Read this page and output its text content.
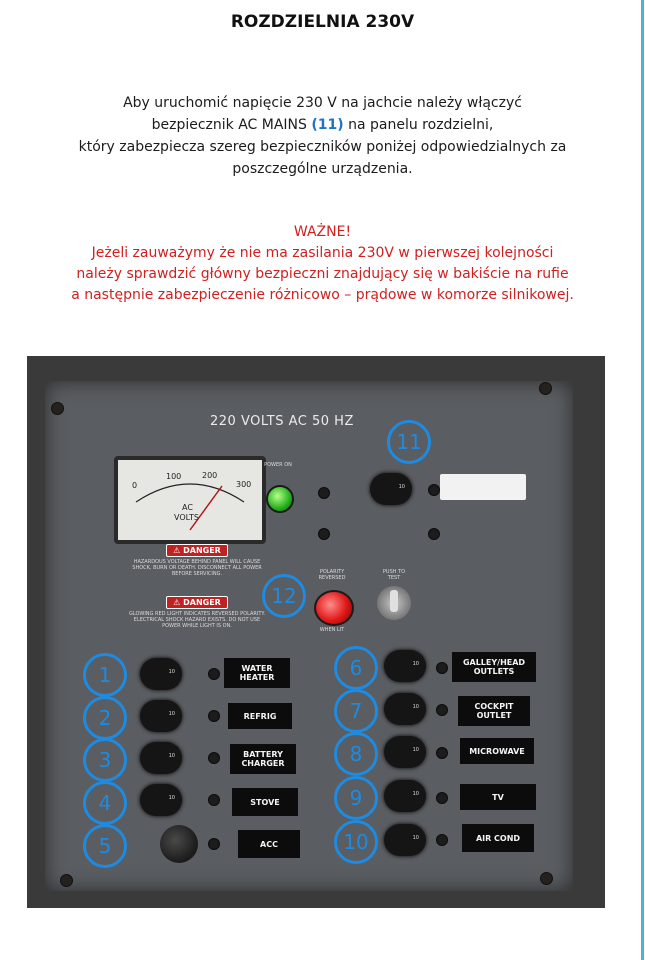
ROZDZIELNIA 230V
Aby uruchomić napięcie 230 V na jachcie należy włączyć
bezpiecznik AC MAINS (11) na panelu rozdzielni,
który zabezpiecza szereg bezpieczników poniżej odpowiedzialnych za
poszczególne urządzenia.
WAŻNE!
Jeżeli zauważymy że nie ma zasilania 230V w pierwszej kolejności
należy sprawdzić główny bezpieczni znajdujący się w bakiście na rufie
a następnie zabezpieczenie różnicowo – prądowe w komorze silnikowej.
220 VOLTS AC 50 HZ
0
100	200
300
AC
VOLTS
POWER ON
⚠ DANGER
HAZARDOUS VOLTAGE BEHIND PANEL WILL CAUSE SHOCK, BURN OR DEATH. DISCONNECT ALL POWER BEFORE SERVICING.
⚠ DANGER
GLOWING RED LIGHT INDICATES REVERSED POLARITY. ELECTRICAL SHOCK HAZARD EXISTS. DO NOT USE POWER WHILE LIGHT IS ON.
POLARITY REVERSED
WHEN LIT
PUSH TO TEST
10
10
10
10
10
WATER HEATER
REFRIG
BATTERY CHARGER
STOVE
ACC
10
10
10
10
10
GALLEY/HEAD OUTLETS
COCKPIT OUTLET
MICROWAVE
TV
AIR COND
1
2
3
4
5
6
7
8
9
10
11
12
